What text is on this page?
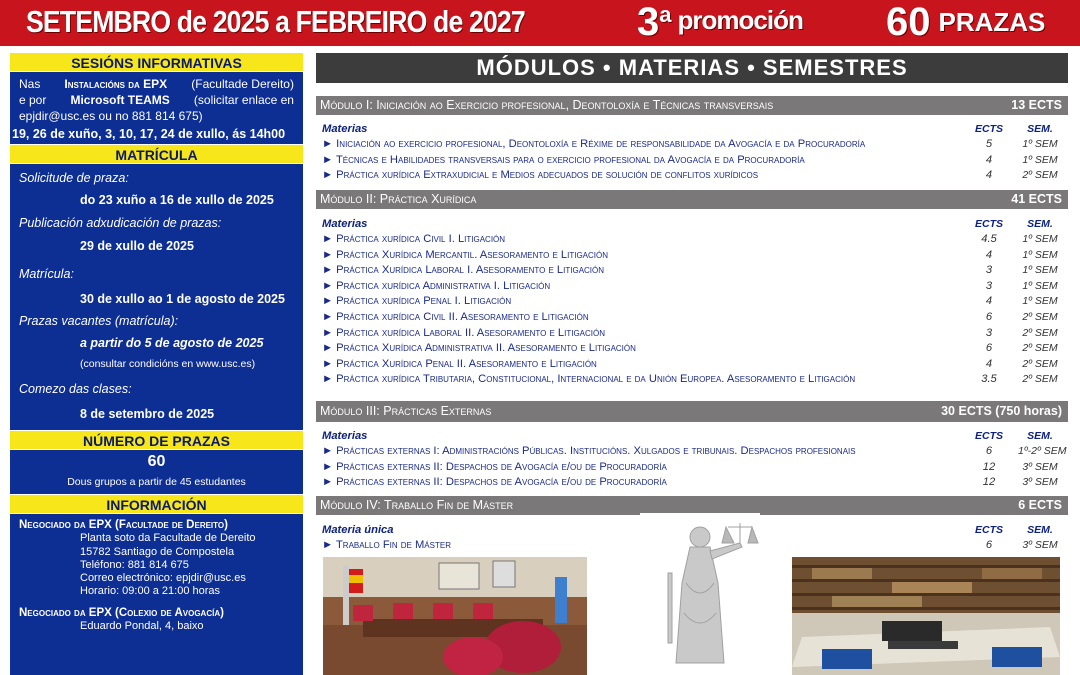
SETEMBRO de 2025 a FEBREIRO de 2027	3a promoción 60 PRAZAS
SESIÓNS INFORMATIVAS
Nas Instalacións da EPX (Facultade Dereito)
e por Microsoft TEAMS (solicitar enlace en
epjdir@usc.es ou no 881 814 675)
19, 26 de xuño, 3, 10, 17, 24 de xullo, ás 14h00
MATRÍCULA
Solicitude de praza:
do 23 xuño a 16 de xullo de 2025
Publicación adxudicación de prazas:
29 de xullo de 2025
Matrícula:
30 de xullo ao 1 de agosto de 2025
Prazas vacantes (matrícula):
a partir do 5 de agosto de 2025
(consultar condicións en www.usc.es)
Comezo das clases:
8 de setembro de 2025
NÚMERO DE PRAZAS
60
Dous grupos a partir de 45 estudantes
INFORMACIÓN
Negociado da EPX (Facultade de Dereito)
Planta soto da Facultade de Dereito
15782 Santiago de Compostela
Teléfono: 881 814 675
Correo electrónico: epjdir@usc.es
Horario: 09:00 a 21:00 horas
Negociado da EPX (Colexio de Avogacía)
Eduardo Pondal, 4, baixo
MÓDULOS • MATERIAS • SEMESTRES
Módulo I: Iniciación ao Exercicio profesional, Deontoloxía e Técnicas transversais	13 ECTS
Materias	ECTS	SEM.
► Iniciación ao exercicio profesional, Deontoloxía e Réxime de responsabilidade da Avogacía e da Procuradoría	5	1º SEM
► Técnicas e Habilidades transversais para o exercicio profesional da Avogacía e da Procuradoría	4	1º SEM
► Práctica xurídica Extraxudicial e Medios adecuados de solución de conflitos xurídicos	4	2º SEM
Módulo II: Práctica Xurídica	41 ECTS
Materias	ECTS	SEM.
► Práctica xurídica Civil I. Litigación	4.5	1º SEM
► Práctica Xurídica Mercantil. Asesoramento e Litigación	4	1º SEM
► Práctica Xurídica Laboral I. Asesoramento e Litigación	3	1º SEM
► Práctica xurídica Administrativa I. Litigación	3	1º SEM
► Práctica xurídica Penal I. Litigación	4	1º SEM
► Práctica xurídica Civil II. Asesoramento e Litigación	6	2º SEM
► Práctica xurídica Laboral II. Asesoramento e Litigación	3	2º SEM
► Práctica Xurídica Administrativa II. Asesoramento e Litigación	6	2º SEM
► Práctica Xurídica Penal II. Asesoramento e Litigación	4	2º SEM
► Práctica xurídica Tributaria, Constitucional, Internacional e da Unión Europea. Asesoramento e Litigación	3.5	2º SEM
Módulo III: Prácticas Externas	30 ECTS (750 horas)
Materias	ECTS	SEM.
► Prácticas externas I: Administracións Públicas. Institucións. Xulgados e tribunais. Despachos profesionais	6	1º-2º SEM
► Prácticas externas II: Despachos de Avogacía e/ou de Procuradoría	12	3º SEM
► Prácticas externas II: Despachos de Avogacía e/ou de Procuradoría	12	3º SEM
Módulo IV: Traballo Fin de Máster	6 ECTS
Materia única	ECTS	SEM.
► Traballo Fin de Máster	6	3º SEM
